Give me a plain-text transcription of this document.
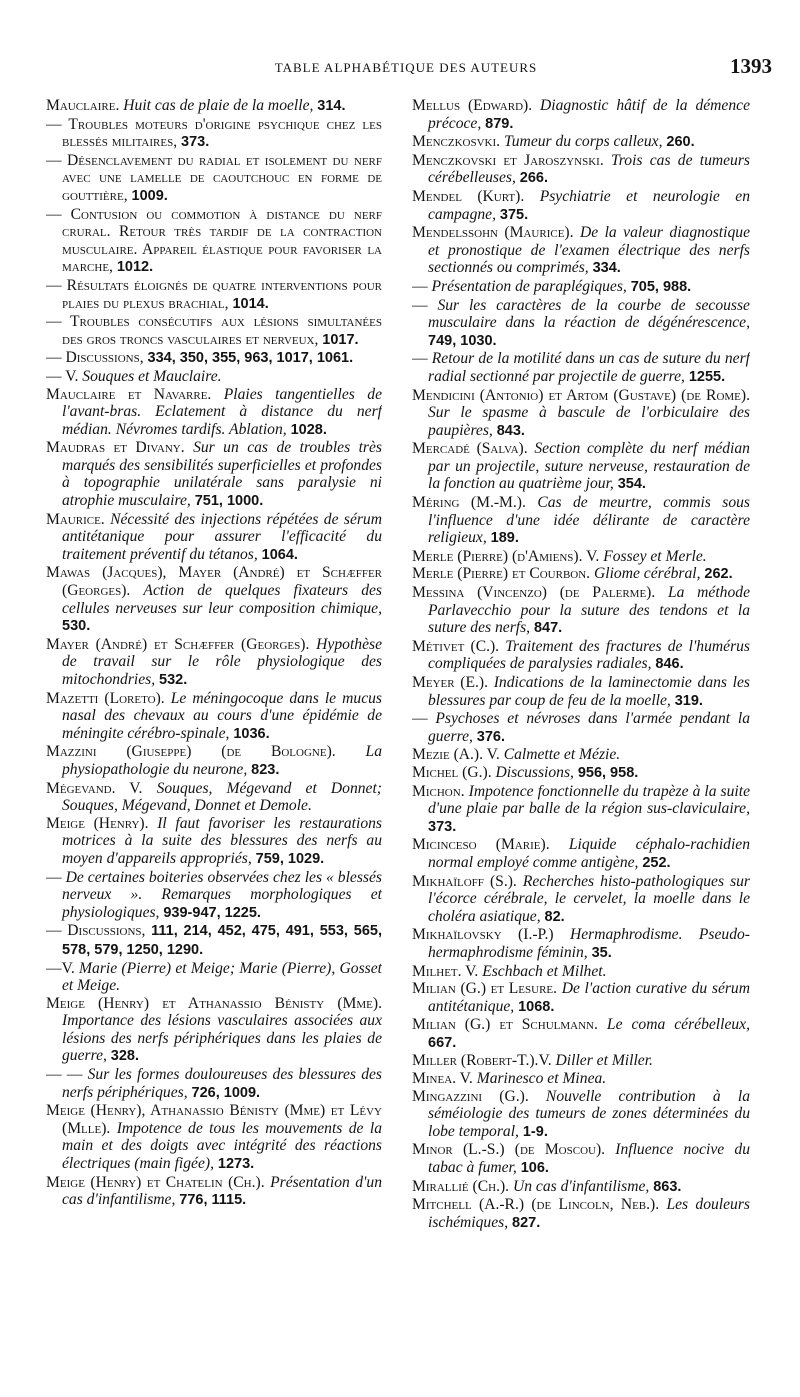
TABLE ALPHABÉTIQUE DES AUTEURS	1393

Mauclaire. Huit cas de plaie de la moelle, 314.

— Troubles moteurs d'origine psychique chez les blessés militaires, 373.

— Désenclavement du radial et isolement du nerf avec une lamelle de caoutchouc en forme de gouttière, 1009.

— Contusion ou commotion à distance du nerf crural. Retour très tardif de la contraction musculaire. Appareil élastique pour favoriser la marche, 1012.

— Résultats éloignés de quatre interventions pour plaies du plexus brachial, 1014.

— Troubles consécutifs aux lésions simultanées des gros troncs vasculaires et nerveux, 1017.

— Discussions, 334, 350, 355, 963, 1017, 1061.

— V. Souques et Mauclaire.

Mauclaire et Navarre. Plaies tangentielles de l'avant-bras. Eclatement à distance du nerf médian. Névromes tardifs. Ablation, 1028.

Maudras et Divany. Sur un cas de troubles très marqués des sensibilités superficielles et profondes à topographie unilatérale sans paralysie ni atrophie musculaire, 751, 1000.

Maurice. Nécessité des injections répétées de sérum antitétanique pour assurer l'efficacité du traitement préventif du tétanos, 1064.

Mawas (Jacques), Mayer (André) et Schæffer (Georges). Action de quelques fixateurs des cellules nerveuses sur leur composition chimique, 530.

Mayer (André) et Schæffer (Georges). Hypothèse de travail sur le rôle physiologique des mitochondries, 532.

Mazetti (Loreto). Le méningocoque dans le mucus nasal des chevaux au cours d'une épidémie de méningite cérébro-spinale, 1036.

Mazzini (Giuseppe) (de Bologne). La physiopathologie du neurone, 823.

Mégevand. V. Souques, Mégevand et Donnet; Souques, Mégevand, Donnet et Demole.

Meige (Henry). Il faut favoriser les restaurations motrices à la suite des blessures des nerfs au moyen d'appareils appropriés, 759, 1029.

— De certaines boiteries observées chez les « blessés nerveux ». Remarques morphologiques et physiologiques, 939-947, 1225.

— Discussions, 111, 214, 452, 475, 491, 553, 565, 578, 579, 1250, 1290.

—V. Marie (Pierre) et Meige; Marie (Pierre), Gosset et Meige.

Meige (Henry) et Athanassio Bénisty (Mme). Importance des lésions vasculaires associées aux lésions des nerfs périphériques dans les plaies de guerre, 328.

— — Sur les formes douloureuses des blessures des nerfs périphériques, 726, 1009.

Meige (Henry), Athanassio Bénisty (Mme) et Lévy (Mlle). Impotence de tous les mouvements de la main et des doigts avec intégrité des réactions électriques (main figée), 1273.

Meige (Henry) et Chatelin (Ch.). Présentation d'un cas d'infantilisme, 776, 1115.

Mellus (Edward). Diagnostic hâtif de la démence précoce, 879.

Menczkosvki. Tumeur du corps calleux, 260.

Menczkovski et Jaroszynski. Trois cas de tumeurs cérébelleuses, 266.

Mendel (Kurt). Psychiatrie et neurologie en campagne, 375.

Mendelssohn (Maurice). De la valeur diagnostique et pronostique de l'examen électrique des nerfs sectionnés ou comprimés, 334.

— Présentation de paraplégiques, 705, 988.

— Sur les caractères de la courbe de secousse musculaire dans la réaction de dégénérescence, 749, 1030.

— Retour de la motilité dans un cas de suture du nerf radial sectionné par projectile de guerre, 1255.

Mendicini (Antonio) et Artom (Gustave) (de Rome). Sur le spasme à bascule de l'orbiculaire des paupières, 843.

Mercadé (Salva). Section complète du nerf médian par un projectile, suture nerveuse, restauration de la fonction au quatrième jour, 354.

Méring (M.-M.). Cas de meurtre, commis sous l'influence d'une idée délirante de caractère religieux, 189.

Merle (Pierre) (d'Amiens). V. Fossey et Merle.

Merle (Pierre) et Courbon. Gliome cérébral, 262.

Messina (Vincenzo) (de Palerme). La méthode Parlavecchio pour la suture des tendons et la suture des nerfs, 847.

Métivet (C.). Traitement des fractures de l'humérus compliquées de paralysies radiales, 846.

Meyer (E.). Indications de la laminectomie dans les blessures par coup de feu de la moelle, 319.

— Psychoses et névroses dans l'armée pendant la guerre, 376.

Mezie (A.). V. Calmette et Mézie.

Michel (G.). Discussions, 956, 958.

Michon. Impotence fonctionnelle du trapèze à la suite d'une plaie par balle de la région sus-claviculaire, 373.

Micinceso (Marie). Liquide céphalo-rachidien normal employé comme antigène, 252.

Mikhaïloff (S.). Recherches histo-pathologiques sur l'écorce cérébrale, le cervelet, la moelle dans le choléra asiatique, 82.

Mikhaïlovsky (I.-P.) Hermaphrodisme. Pseudo-hermaphrodisme féminin, 35.

Milhet. V. Eschbach et Milhet.

Milian (G.) et Lesure. De l'action curative du sérum antitétanique, 1068.

Milian (G.) et Schulmann. Le coma cérébelleux, 667.

Miller (Robert-T.).V. Diller et Miller.

Minea. V. Marinesco et Minea.

Mingazzini (G.). Nouvelle contribution à la séméiologie des tumeurs de zones déterminées du lobe temporal, 1-9.

Minor (L.-S.) (de Moscou). Influence nocive du tabac à fumer, 106.

Mirallié (Ch.). Un cas d'infantilisme, 863.

Mitchell (A.-R.) (de Lincoln, Neb.). Les douleurs ischémiques, 827.
